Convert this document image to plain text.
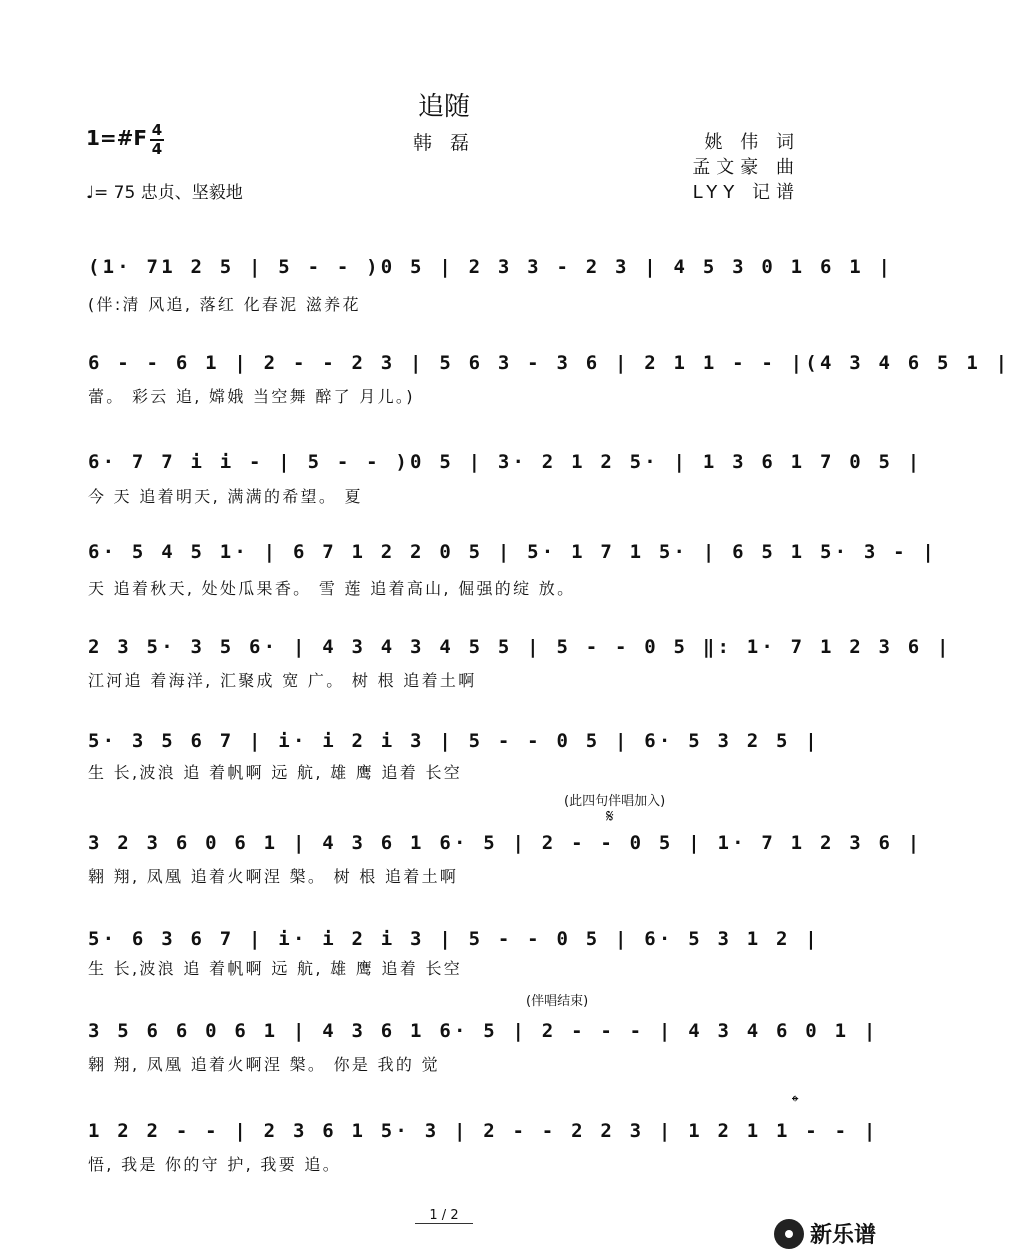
追随
韩 磊
1=#F 4
4
♩= 75 忠贞、坚毅地
姚 伟 词
孟文豪 曲
LYY 记谱
(1· 71 2 5 | 5 - - )0 5 | 2 3 3 - 2 3 | 4 5 3 0 1 6 1 |
(伴:清 风追, 落红 化春泥 滋养花
6 - - 6 1 | 2 - - 2 3 | 5 6 3 - 3 6 | 2 1 1 - - |(4 3 4 6 5 1 |
蕾。 彩云 追, 嫦娥 当空舞 醉了 月儿。)
6· 7 7 i i - | 5 - - )0 5 | 3· 2 1 2 5· | 1 3 6 1 7 0 5 |
今 天 追着明天, 满满的希望。 夏
6· 5 4 5 1· | 6 7 1 2 2 0 5 | 5· 1 7 1 5· | 6 5 1 5· 3 - |
天 追着秋天, 处处瓜果香。 雪 莲 追着高山, 倔强的绽 放。
2 3 5· 3 5 6· | 4 3 4 3 4 5 5 | 5 - - 0 5 ‖: 1· 7 1 2 3 6 |
江河追 着海洋, 汇聚成 宽 广。 树 根 追着土啊
5· 3 5 6 7 | i· i 2 i 3 | 5 - - 0 5 | 6· 5 3 2 5 |
生 长,波浪 追 着帆啊 远 航, 雄 鹰 追着 长空
(此四句伴唱加入)
𝄋
3 2 3 6 0 6 1 | 4 3 6 1 6· 5 | 2 - - 0 5 | 1· 7 1 2 3 6 |
翱 翔, 凤凰 追着火啊涅 槃。 树 根 追着土啊
5· 6 3 6 7 | i· i 2 i 3 | 5 - - 0 5 | 6· 5 3 1 2 |
生 长,波浪 追 着帆啊 远 航, 雄 鹰 追着 长空
(伴唱结束)
3 5 6 6 0 6 1 | 4 3 6 1 6· 5 | 2 - - - | 4 3 4 6 0 1 |
翱 翔, 凤凰 追着火啊涅 槃。 你是 我的 觉
𝄌
1 2 2 - - | 2 3 6 1 5· 3 | 2 - - 2 2 3 | 1 2 1 1 - - |
悟, 我是 你的守 护, 我要 追。
1 / 2
新乐谱
